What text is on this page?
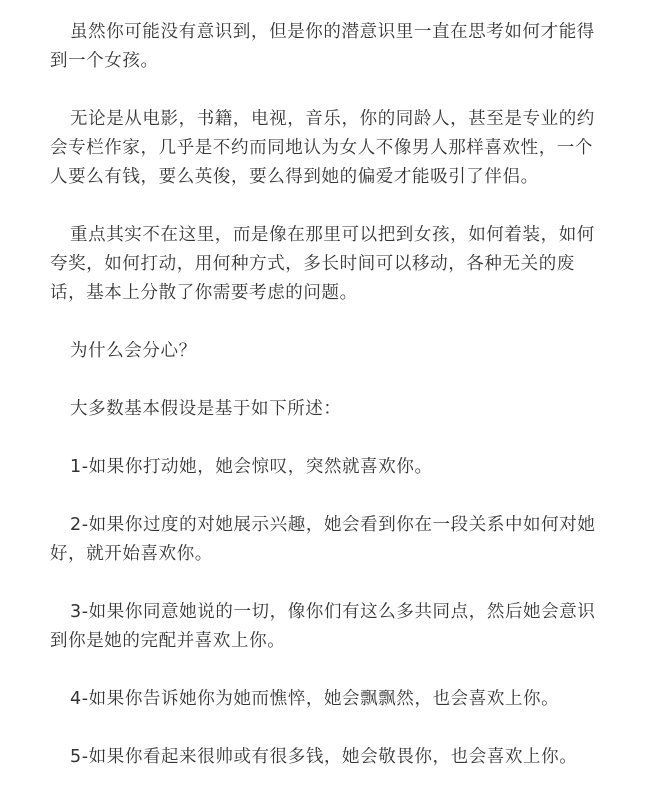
虽然你可能没有意识到，但是你的潜意识里一直在思考如何才能得到一个女孩。

无论是从电影，书籍，电视，音乐，你的同龄人，甚至是专业的约会专栏作家，几乎是不约而同地认为女人不像男人那样喜欢性，一个人要么有钱，要么英俊，要么得到她的偏爱才能吸引了伴侣。

重点其实不在这里，而是像在那里可以把到女孩，如何着装，如何夸奖，如何打动，用何种方式，多长时间可以移动，各种无关的废话，基本上分散了你需要考虑的问题。

为什么会分心？

大多数基本假设是基于如下所述：

1-如果你打动她，她会惊叹，突然就喜欢你。

2-如果你过度的对她展示兴趣，她会看到你在一段关系中如何对她好，就开始喜欢你。

3-如果你同意她说的一切，像你们有这么多共同点，然后她会意识到你是她的完配并喜欢上你。

4-如果你告诉她你为她而憔悴，她会飘飘然，也会喜欢上你。

5-如果你看起来很帅或有很多钱，她会敬畏你，也会喜欢上你。
